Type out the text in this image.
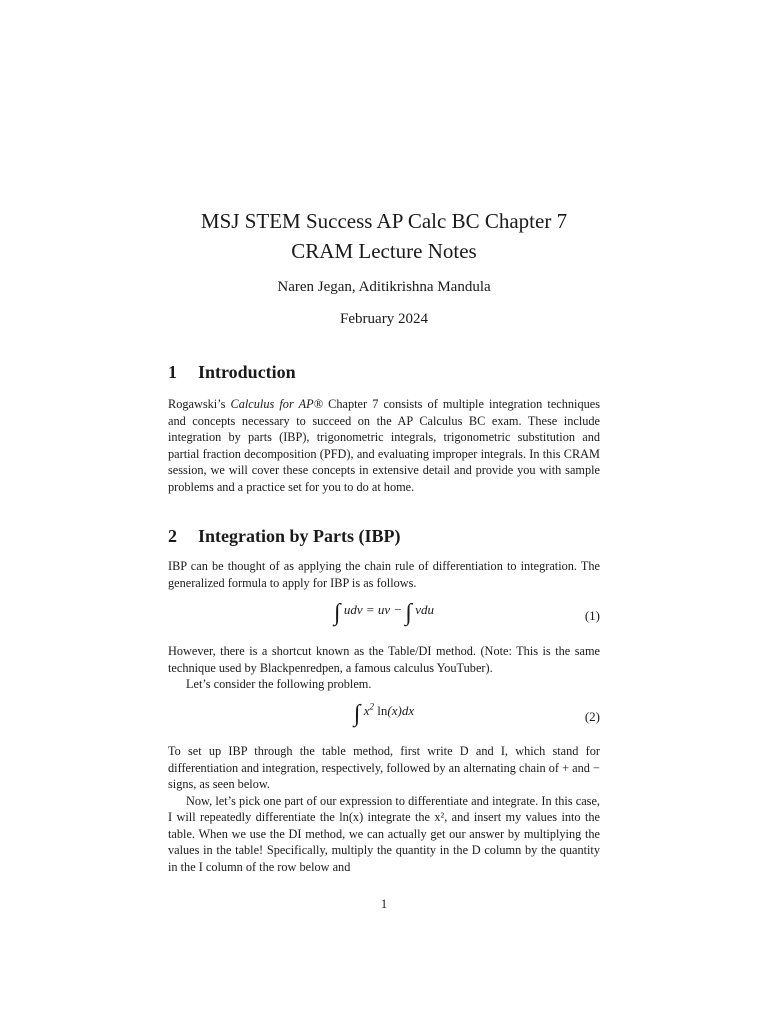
MSJ STEM Success AP Calc BC Chapter 7
CRAM Lecture Notes
Naren Jegan, Aditikrishna Mandula
February 2024
1 Introduction

Rogawski’s Calculus for AP® Chapter 7 consists of multiple integration techniques and concepts necessary to succeed on the AP Calculus BC exam. These include integration by parts (IBP), trigonometric integrals, trigonometric substitution and partial fraction decomposition (PFD), and evaluating improper integrals. In this CRAM session, we will cover these concepts in extensive detail and provide you with sample problems and a practice set for you to do at home.

2 Integration by Parts (IBP)

IBP can be thought of as applying the chain rule of differentiation to integration. The generalized formula to apply for IBP is as follows.

∫ udv = uv − ∫ vdu	(1)

However, there is a shortcut known as the Table/DI method. (Note: This is the same technique used by Blackpenredpen, a famous calculus YouTuber).

Let’s consider the following problem.

∫ $x^2$ ln(x)dx	(2)

To set up IBP through the table method, first write D and I, which stand for differentiation and integration, respectively, followed by an alternating chain of + and − signs, as seen below.

Now, let’s pick one part of our expression to differentiate and integrate. In this case, I will repeatedly differentiate the ln(x) integrate the x², and insert my values into the table. When we use the DI method, we can actually get our answer by multiplying the values in the table! Specifically, multiply the quantity in the D column by the quantity in the I column of the row below and

1
